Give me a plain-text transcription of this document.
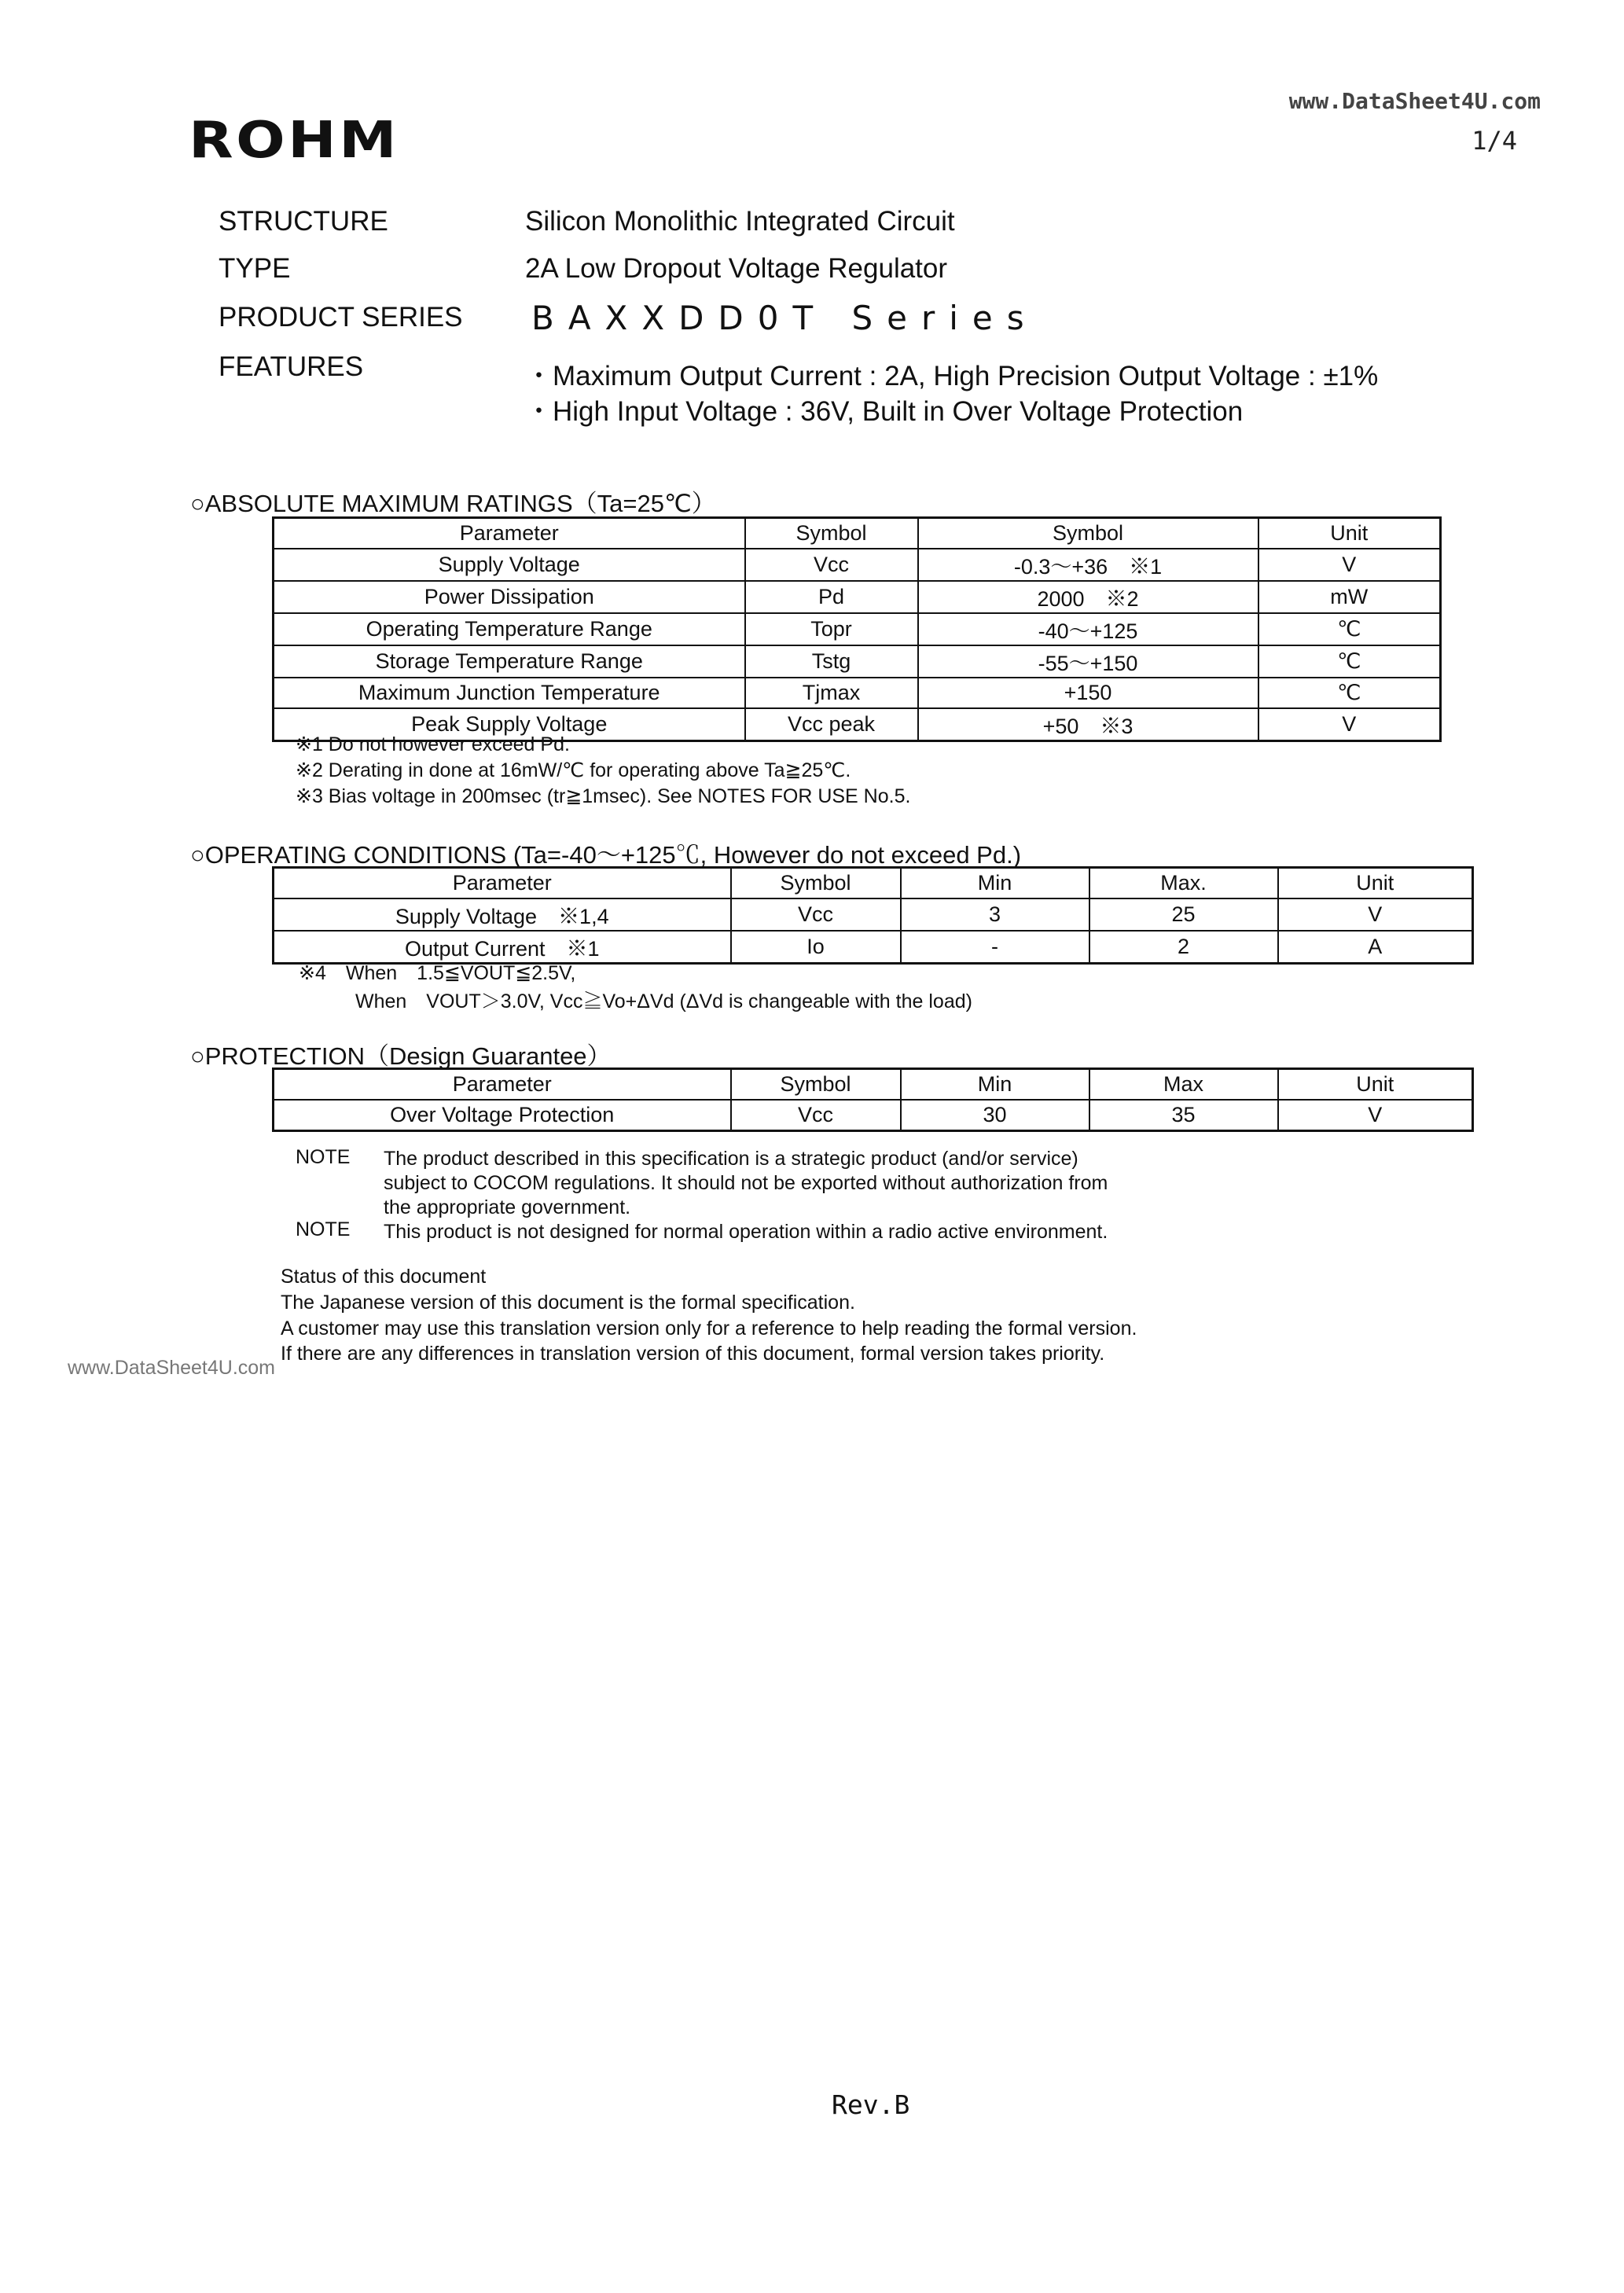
ROHM
www.DataSheet4U.com
1/4
STRUCTURE	Silicon Monolithic Integrated Circuit
TYPE	2A Low Dropout Voltage Regulator
PRODUCT SERIES BAXXDD0T Series
FEATURES	・Maximum Output Current : 2A, High Precision Output Voltage : ±1%
・High Input Voltage : 36V, Built in Over Voltage Protection
○ABSOLUTE MAXIMUM RATINGS（Ta=25℃）
Parameter	Symbol	Symbol	Unit
Supply Voltage	Vcc	-0.3～+36　※1	V
Power Dissipation	Pd	2000　※2	mW
Operating Temperature Range	Topr	-40～+125	℃
Storage Temperature Range	Tstg	-55～+150	℃
Maximum Junction Temperature	Tjmax	+150	℃
Peak Supply Voltage	Vcc peak	+50　※3	V
※1 Do not however exceed Pd.
※2 Derating in done at 16mW/℃ for operating above Ta≧25℃.
※3 Bias voltage in 200msec (tr≧1msec). See NOTES FOR USE No.5.
○OPERATING CONDITIONS (Ta=-40～+125℃, However do not exceed Pd.)
Parameter	Symbol	Min	Max.	Unit
Supply Voltage　※1,4	Vcc	3	25	V
Output Current　※1	Io	-	2	A
※4　When　1.5≦VOUT≦2.5V,
When　VOUT＞3.0V, Vcc≧Vo+ΔVd (ΔVd is changeable with the load)
○PROTECTION（Design Guarantee）
Parameter	Symbol	Min	Max	Unit
Over Voltage Protection	Vcc	30	35	V
NOTE The product described in this specification is a strategic product (and/or service)
subject to COCOM regulations. It should not be exported without authorization from
the appropriate government.
NOTE This product is not designed for normal operation within a radio active environment.
Status of this document
The Japanese version of this document is the formal specification.
A customer may use this translation version only for a reference to help reading the formal version.
If there are any differences in translation version of this document, formal version takes priority.
www.DataSheet4U.com
Rev.B
